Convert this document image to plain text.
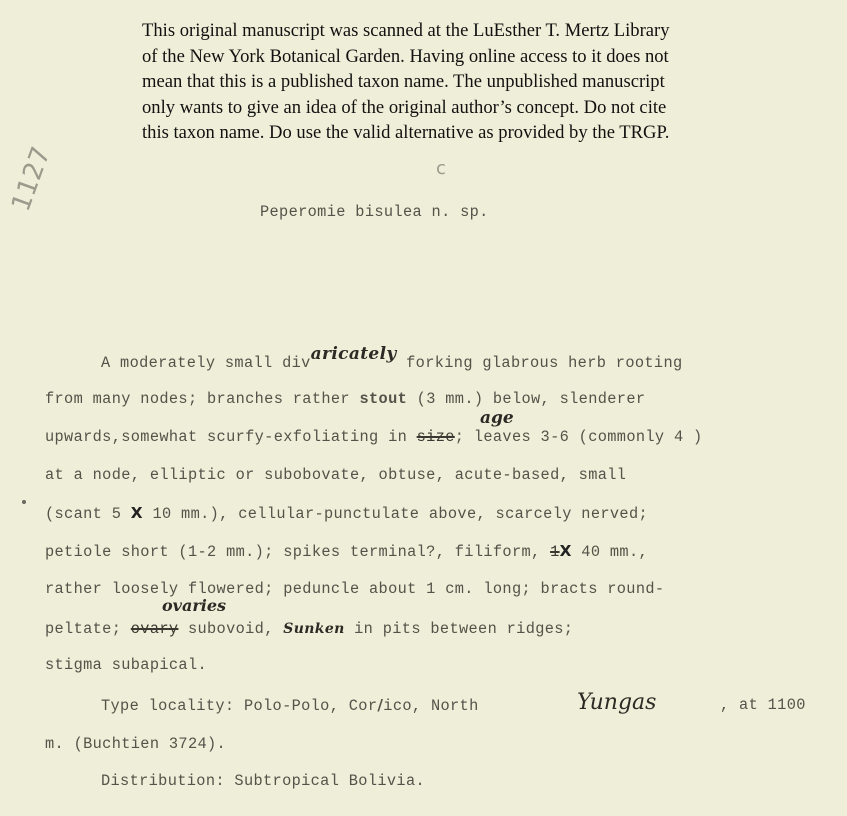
This original manuscript was scanned at the LuEsther T. Mertz Library
of the New York Botanical Garden. Having online access to it does not
mean that this is a published taxon name. The unpublished manuscript
only wants to give an idea of the original author’s concept. Do not cite
this taxon name. Do use the valid alternative as provided by the TRGP.
1127	c
Peperomie bisulea n. sp.
A moderately small divaricately forking glabrous herb rooting
from many nodes; branches rather stout (3 mm.) below, slenderer
age
upwards,somewhat scurfy-exfoliating in size; leaves 3-6 (commonly 4 )
at a node, elliptic or subobovate, obtuse, acute-based, small
(scant 5 X 10 mm.), cellular-punctulate above, scarcely nerved;
petiole short (1-2 mm.); spikes terminal?, filiform, 1X 40 mm.,
rather loosely flowered; peduncle about 1 cm. long; bracts round-
ovaries
peltate; ovary subovoid, Sunken in pits between ridges;
stigma subapical.
Type locality: Polo-Polo, Cor/ico, North	Yungas	, at 1100
m. (Buchtien 3724).
Distribution: Subtropical Bolivia.
